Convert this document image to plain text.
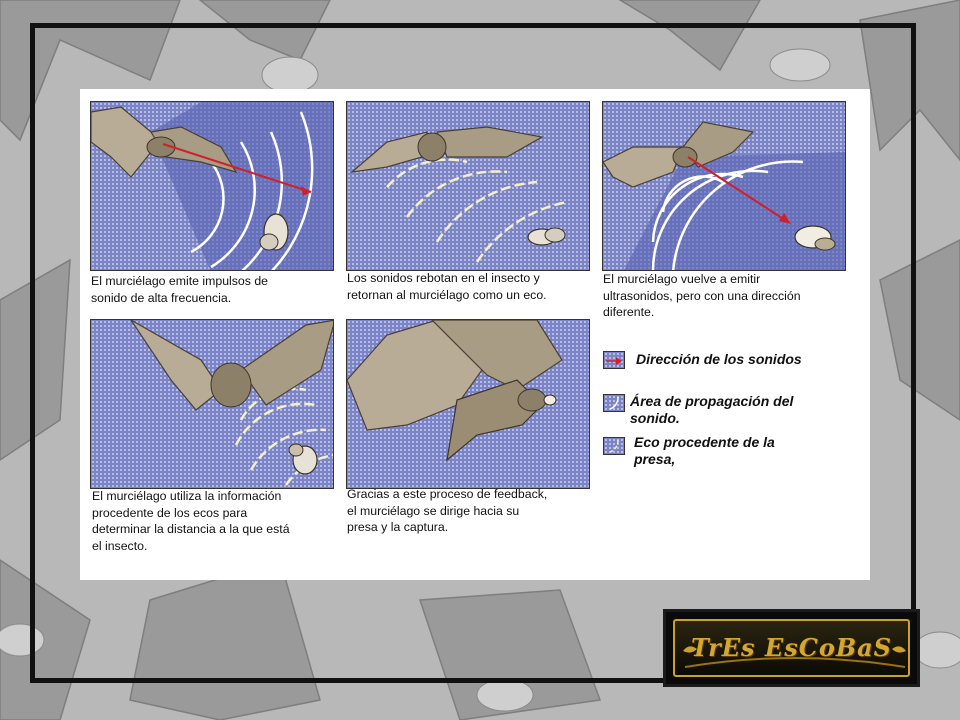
El murciélago emite impulsos de
sonido de alta frecuencia.
Los sonidos rebotan en el insecto y
retornan al murciélago como un eco.
El murciélago vuelve a emitir
ultrasonidos, pero con una dirección
diferente.
El murciélago utiliza la información
procedente de los ecos para
determinar la distancia a la que está
el insecto.
Gracias a este proceso de feedback,
el murciélago se dirige hacia su
presa y la captura.
Dirección de los sonidos
Área de propagación del
sonido.
Eco procedente de la
presa,
TrEs EsCoBaS
